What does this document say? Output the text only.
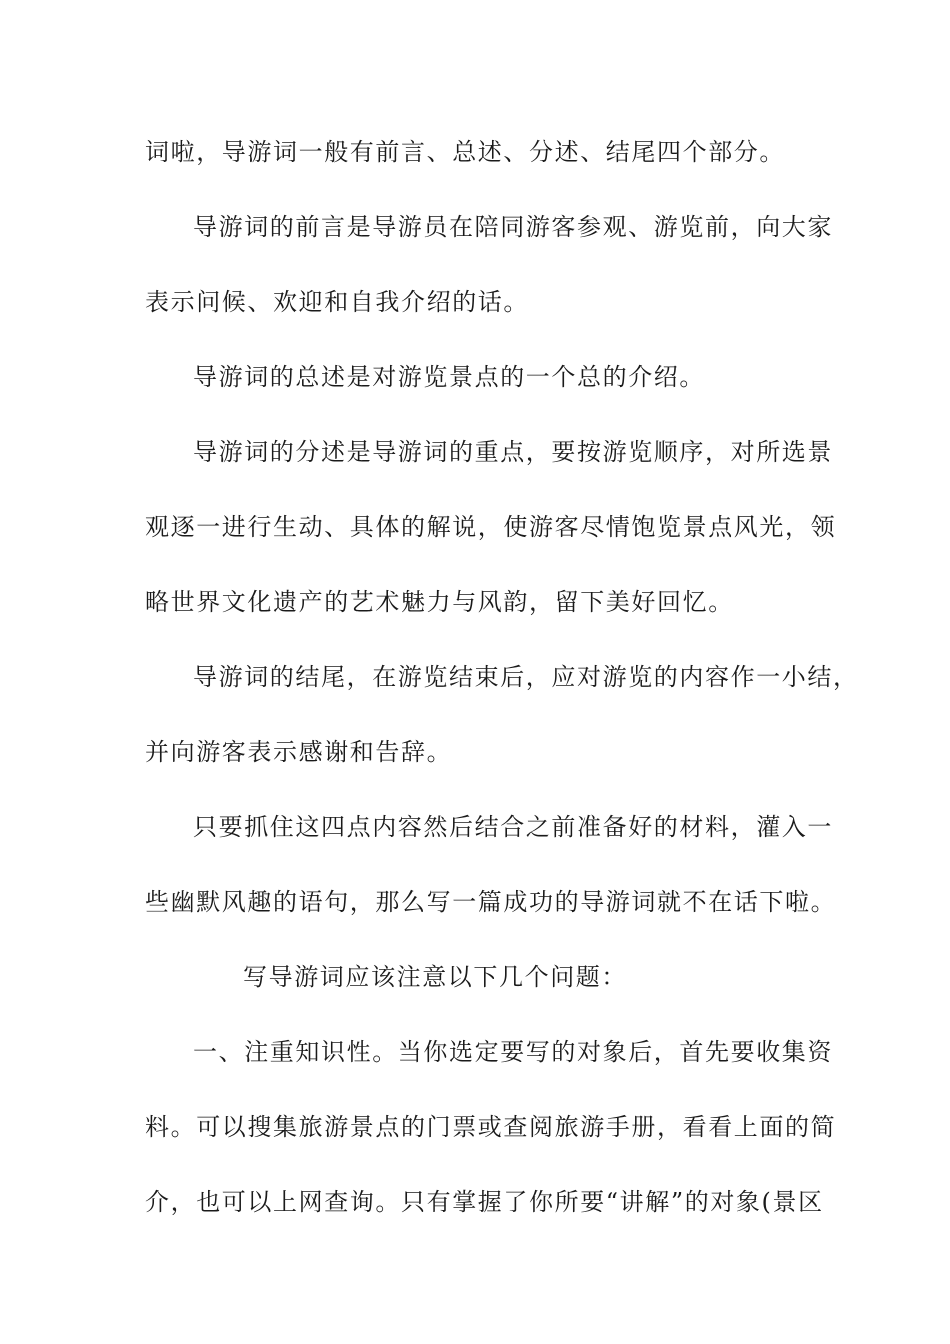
词啦，导游词一般有前言、总述、分述、结尾四个部分。

导游词的前言是导游员在陪同游客参观、游览前，向大家

表示问候、欢迎和自我介绍的话。

导游词的总述是对游览景点的一个总的介绍。

导游词的分述是导游词的重点，要按游览顺序，对所选景

观逐一进行生动、具体的解说，使游客尽情饱览景点风光，领

略世界文化遗产的艺术魅力与风韵，留下美好回忆。

导游词的结尾，在游览结束后，应对游览的内容作一小结，

并向游客表示感谢和告辞。

只要抓住这四点内容然后结合之前准备好的材料，灌入一

些幽默风趣的语句，那么写一篇成功的导游词就不在话下啦。

写导游词应该注意以下几个问题：

一、注重知识性。当你选定要写的对象后，首先要收集资

料。可以搜集旅游景点的门票或查阅旅游手册，看看上面的简

介，也可以上网查询。只有掌握了你所要“讲解”的对象(景区
